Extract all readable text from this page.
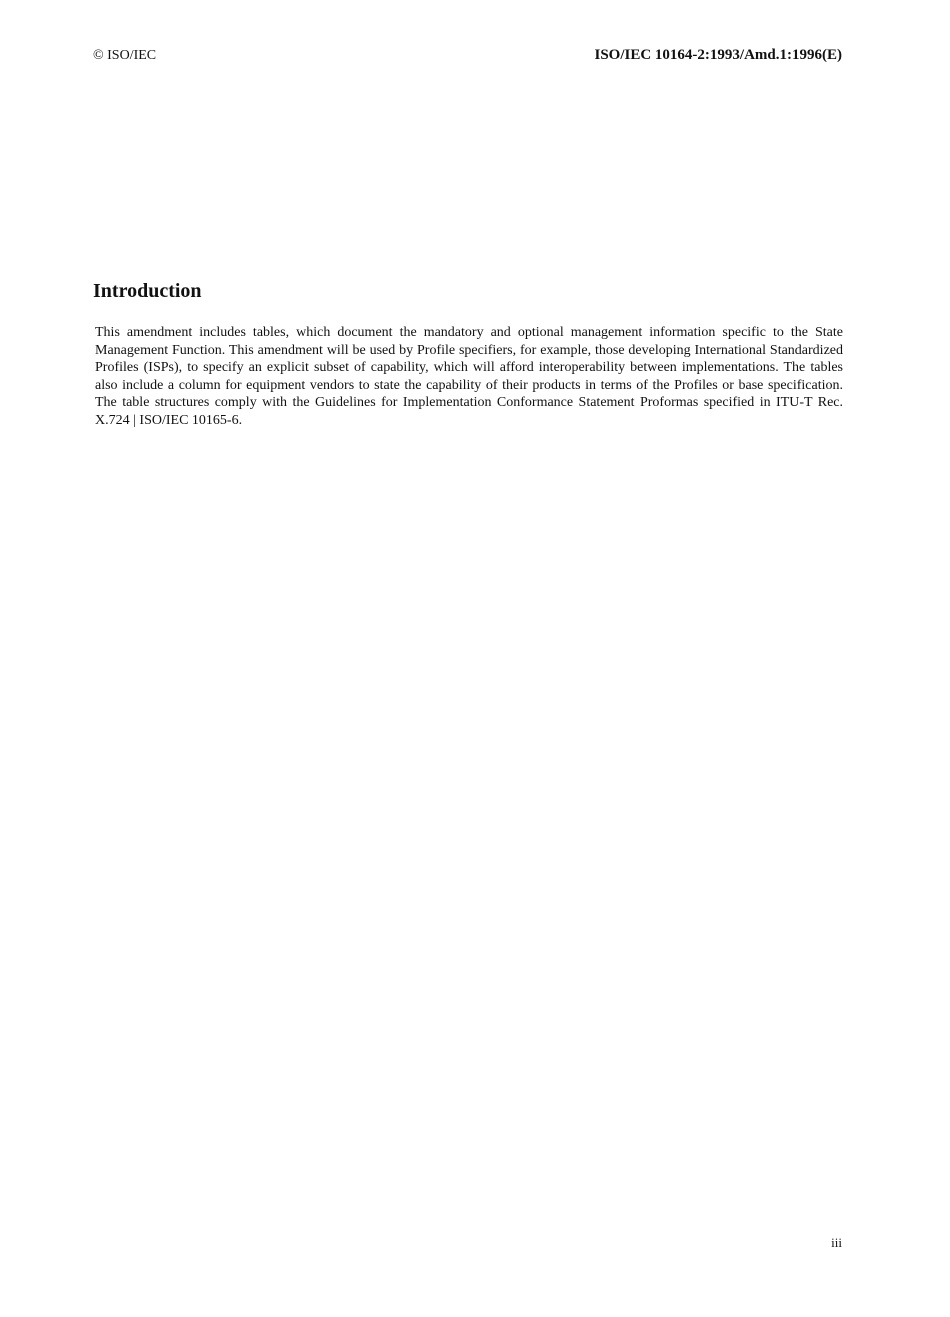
© ISO/IEC	ISO/IEC 10164-2:1993/Amd.1:1996(E)
Introduction

This amendment includes tables, which document the mandatory and optional management information specific to the State Management Function. This amendment will be used by Profile specifiers, for example, those developing International Standardized Profiles (ISPs), to specify an explicit subset of capability, which will afford interoperability between implementations. The tables also include a column for equipment vendors to state the capability of their products in terms of the Profiles or base specification. The table structures comply with the Guidelines for Implementation Conformance Statement Proformas specified in ITU-T Rec. X.724 | ISO/IEC 10165-6.

iii
